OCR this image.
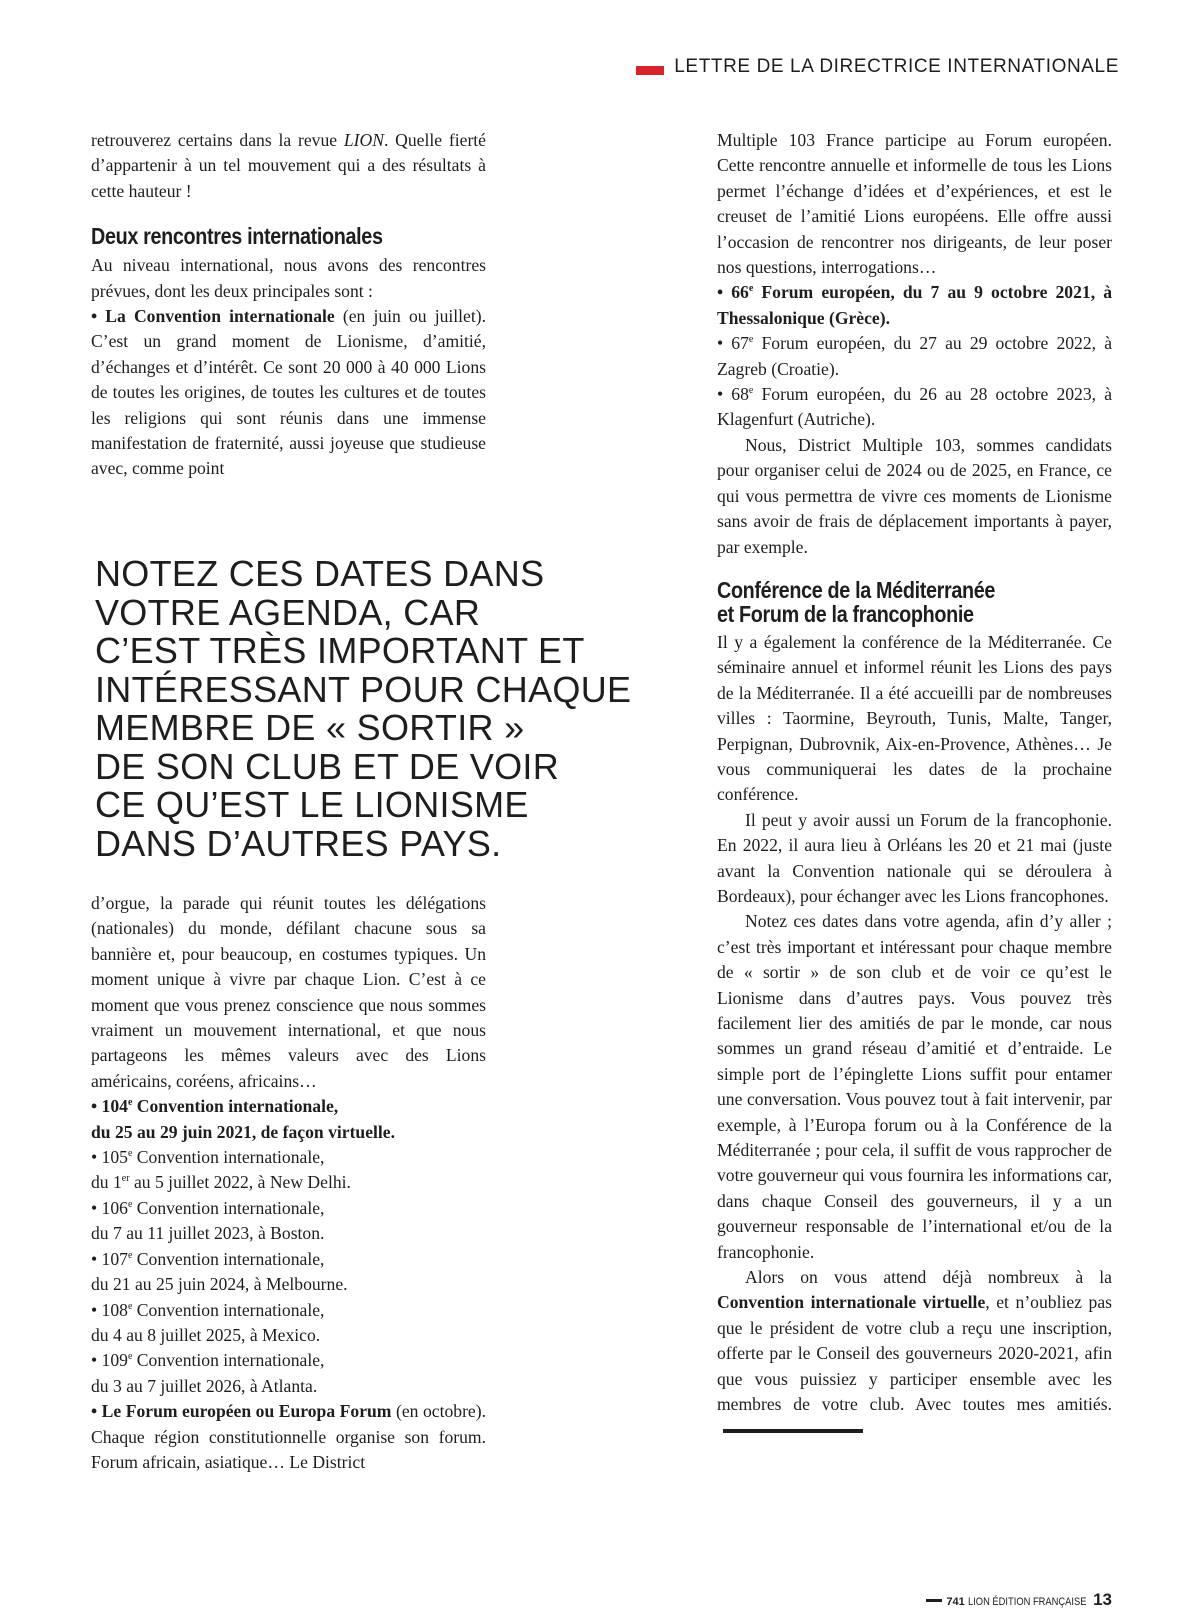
LETTRE DE LA DIRECTRICE INTERNATIONALE

retrouverez certains dans la revue LION. Quelle fierté d’appartenir à un tel mouvement qui a des résultats à cette hauteur !

Deux rencontres internationales

Au niveau international, nous avons des rencontres prévues, dont les deux principales sont :

• La Convention internationale (en juin ou juillet). C’est un grand moment de Lionisme, d’amitié, d’échanges et d’intérêt. Ce sont 20 000 à 40 000 Lions de toutes les origines, de toutes les cultures et de toutes les religions qui sont réunis dans une immense manifestation de fraternité, aussi joyeuse que studieuse avec, comme point

NOTEZ CES DATES DANS
VOTRE AGENDA, CAR
C’EST TRÈS IMPORTANT ET
INTÉRESSANT POUR CHAQUE
MEMBRE DE « SORTIR »
DE SON CLUB ET DE VOIR
CE QU’EST LE LIONISME
DANS D’AUTRES PAYS.

d’orgue, la parade qui réunit toutes les délégations (nationales) du monde, défilant chacune sous sa bannière et, pour beaucoup, en costumes typiques. Un moment unique à vivre par chaque Lion. C’est à ce moment que vous prenez conscience que nous sommes vraiment un mouvement international, et que nous partageons les mêmes valeurs avec des Lions américains, coréens, africains…

• 104e Convention internationale,
du 25 au 29 juin 2021, de façon virtuelle.

• 105e Convention internationale,
du 1er au 5 juillet 2022, à New Delhi.

• 106e Convention internationale,
du 7 au 11 juillet 2023, à Boston.

• 107e Convention internationale,
du 21 au 25 juin 2024, à Melbourne.

• 108e Convention internationale,
du 4 au 8 juillet 2025, à Mexico.

• 109e Convention internationale,
du 3 au 7 juillet 2026, à Atlanta.

• Le Forum européen ou Europa Forum (en octobre). Chaque région constitutionnelle organise son forum. Forum africain, asiatique… Le District

Multiple 103 France participe au Forum européen. Cette rencontre annuelle et informelle de tous les Lions permet l’échange d’idées et d’expériences, et est le creuset de l’amitié Lions européens. Elle offre aussi l’occasion de rencontrer nos dirigeants, de leur poser nos questions, interrogations…

• 66e Forum européen, du 7 au 9 octobre 2021, à Thessalonique (Grèce).

• 67e Forum européen, du 27 au 29 octobre 2022, à Zagreb (Croatie).

• 68e Forum européen, du 26 au 28 octobre 2023, à Klagenfurt (Autriche).

Nous, District Multiple 103, sommes candidats pour organiser celui de 2024 ou de 2025, en France, ce qui vous permettra de vivre ces moments de Lionisme sans avoir de frais de déplacement importants à payer, par exemple.

Conférence de la Méditerranée
et Forum de la francophonie

Il y a également la conférence de la Méditerranée. Ce séminaire annuel et informel réunit les Lions des pays de la Méditerranée. Il a été accueilli par de nombreuses villes : Taormine, Beyrouth, Tunis, Malte, Tanger, Perpignan, Dubrovnik, Aix-en-Provence, Athènes… Je vous communiquerai les dates de la prochaine conférence.

Il peut y avoir aussi un Forum de la francophonie. En 2022, il aura lieu à Orléans les 20 et 21 mai (juste avant la Convention nationale qui se déroulera à Bordeaux), pour échanger avec les Lions francophones.

Notez ces dates dans votre agenda, afin d’y aller ; c’est très important et intéressant pour chaque membre de « sortir » de son club et de voir ce qu’est le Lionisme dans d’autres pays. Vous pouvez très facilement lier des amitiés de par le monde, car nous sommes un grand réseau d’amitié et d’entraide. Le simple port de l’épinglette Lions suffit pour entamer une conversation. Vous pouvez tout à fait intervenir, par exemple, à l’Europa forum ou à la Conférence de la Méditerranée ; pour cela, il suffit de vous rapprocher de votre gouverneur qui vous fournira les informations car, dans chaque Conseil des gouverneurs, il y a un gouverneur responsable de l’international et/ou de la francophonie.

Alors on vous attend déjà nombreux à la Convention internationale virtuelle, et n’oubliez pas que le président de votre club a reçu une inscription, offerte par le Conseil des gouverneurs 2020-2021, afin que vous puissiez y participer ensemble avec les membres de votre club. Avec toutes mes amitiés.

741 LION ÉDITION FRANÇAISE 13
